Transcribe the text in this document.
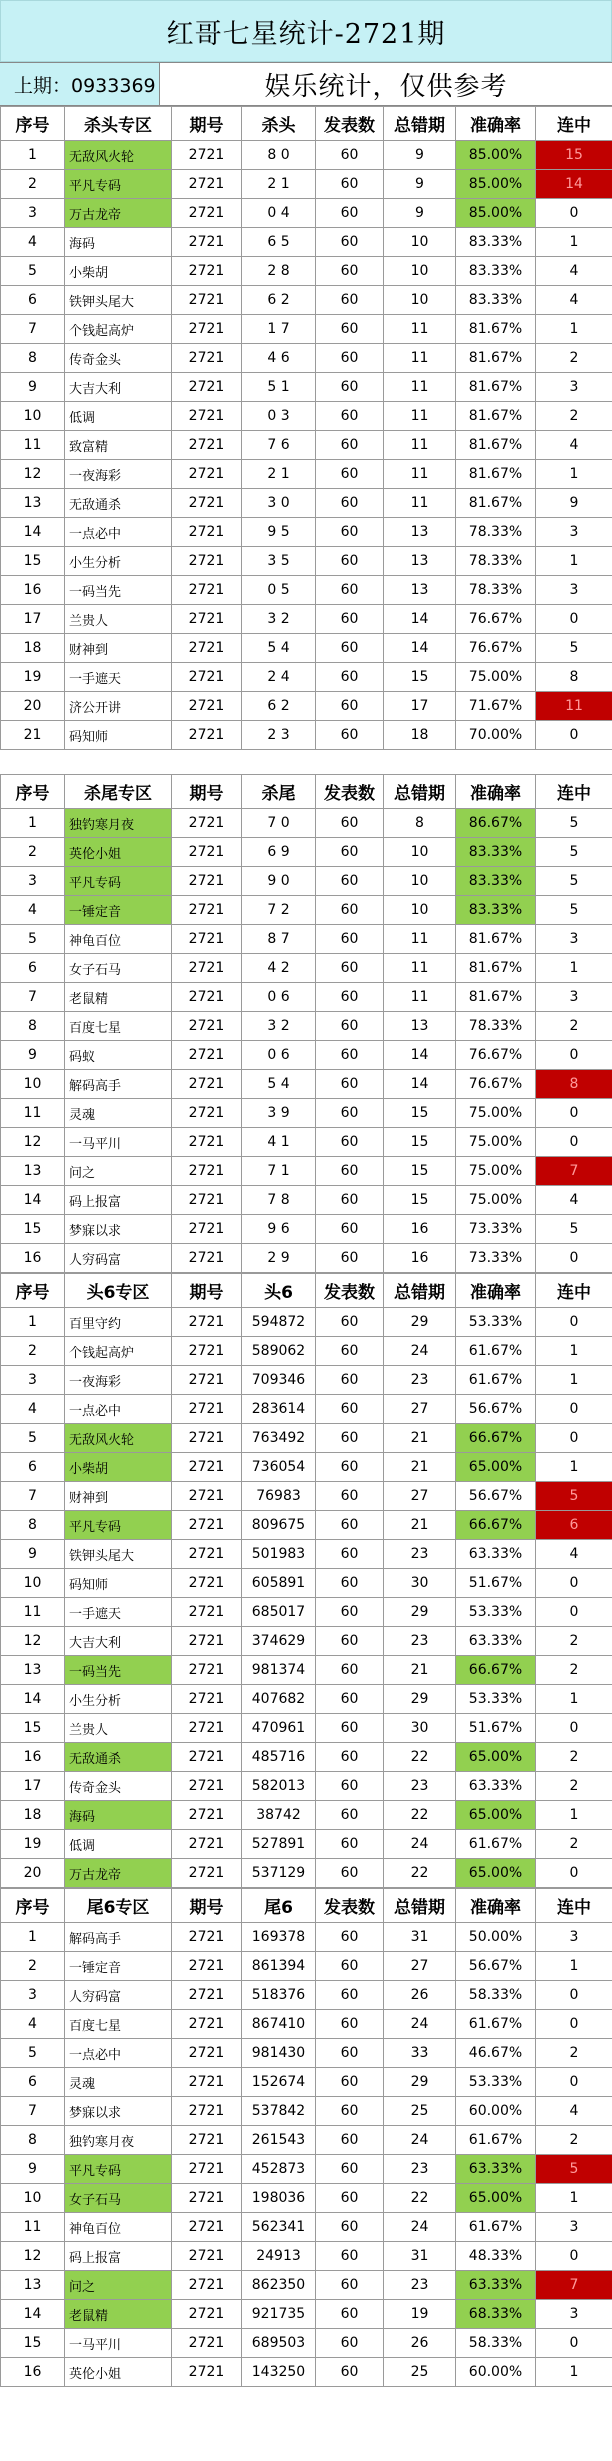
红哥七星统计-2721期
上期：0933369	娱乐统计，仅供参考
序号	杀头专区	期号	杀头	发表数	总错期	准确率	连中
1	无敌风火轮	2721	8 0	60	9	85.00%	15
2	平凡专码	2721	2 1	60	9	85.00%	14
3	万古龙帝	2721	0 4	60	9	85.00%	0
4	海码	2721	6 5	60	10	83.33%	1
5	小柴胡	2721	2 8	60	10	83.33%	4
6	铁钾头尾大	2721	6 2	60	10	83.33%	4
7	个钱起高炉	2721	1 7	60	11	81.67%	1
8	传奇金头	2721	4 6	60	11	81.67%	2
9	大吉大利	2721	5 1	60	11	81.67%	3
10	低调	2721	0 3	60	11	81.67%	2
11	致富精	2721	7 6	60	11	81.67%	4
12	一夜海彩	2721	2 1	60	11	81.67%	1
13	无敌通杀	2721	3 0	60	11	81.67%	9
14	一点必中	2721	9 5	60	13	78.33%	3
15	小生分析	2721	3 5	60	13	78.33%	1
16	一码当先	2721	0 5	60	13	78.33%	3
17	兰贵人	2721	3 2	60	14	76.67%	0
18	财神到	2721	5 4	60	14	76.67%	5
19	一手遮天	2721	2 4	60	15	75.00%	8
20	济公开讲	2721	6 2	60	17	71.67%	11
21	码知师	2721	2 3	60	18	70.00%	0
序号	杀尾专区	期号	杀尾	发表数	总错期	准确率	连中
1	独钓寒月夜	2721	7 0	60	8	86.67%	5
2	英伦小姐	2721	6 9	60	10	83.33%	5
3	平凡专码	2721	9 0	60	10	83.33%	5
4	一锤定音	2721	7 2	60	10	83.33%	5
5	神龟百位	2721	8 7	60	11	81.67%	3
6	女子石马	2721	4 2	60	11	81.67%	1
7	老鼠精	2721	0 6	60	11	81.67%	3
8	百度七星	2721	3 2	60	13	78.33%	2
9	码蚁	2721	0 6	60	14	76.67%	0
10	解码高手	2721	5 4	60	14	76.67%	8
11	灵魂	2721	3 9	60	15	75.00%	0
12	一马平川	2721	4 1	60	15	75.00%	0
13	问之	2721	7 1	60	15	75.00%	7
14	码上报富	2721	7 8	60	15	75.00%	4
15	梦寐以求	2721	9 6	60	16	73.33%	5
16	人穷码富	2721	2 9	60	16	73.33%	0
序号	头6专区	期号	头6	发表数	总错期	准确率	连中
1	百里守约	2721	594872	60	29	53.33%	0
2	个钱起高炉	2721	589062	60	24	61.67%	1
3	一夜海彩	2721	709346	60	23	61.67%	1
4	一点必中	2721	283614	60	27	56.67%	0
5	无敌风火轮	2721	763492	60	21	66.67%	0
6	小柴胡	2721	736054	60	21	65.00%	1
7	财神到	2721	76983	60	27	56.67%	5
8	平凡专码	2721	809675	60	21	66.67%	6
9	铁钾头尾大	2721	501983	60	23	63.33%	4
10	码知师	2721	605891	60	30	51.67%	0
11	一手遮天	2721	685017	60	29	53.33%	0
12	大吉大利	2721	374629	60	23	63.33%	2
13	一码当先	2721	981374	60	21	66.67%	2
14	小生分析	2721	407682	60	29	53.33%	1
15	兰贵人	2721	470961	60	30	51.67%	0
16	无敌通杀	2721	485716	60	22	65.00%	2
17	传奇金头	2721	582013	60	23	63.33%	2
18	海码	2721	38742	60	22	65.00%	1
19	低调	2721	527891	60	24	61.67%	2
20	万古龙帝	2721	537129	60	22	65.00%	0
序号	尾6专区	期号	尾6	发表数	总错期	准确率	连中
1	解码高手	2721	169378	60	31	50.00%	3
2	一锤定音	2721	861394	60	27	56.67%	1
3	人穷码富	2721	518376	60	26	58.33%	0
4	百度七星	2721	867410	60	24	61.67%	0
5	一点必中	2721	981430	60	33	46.67%	2
6	灵魂	2721	152674	60	29	53.33%	0
7	梦寐以求	2721	537842	60	25	60.00%	4
8	独钓寒月夜	2721	261543	60	24	61.67%	2
9	平凡专码	2721	452873	60	23	63.33%	5
10	女子石马	2721	198036	60	22	65.00%	1
11	神龟百位	2721	562341	60	24	61.67%	3
12	码上报富	2721	24913	60	31	48.33%	0
13	问之	2721	862350	60	23	63.33%	7
14	老鼠精	2721	921735	60	19	68.33%	3
15	一马平川	2721	689503	60	26	58.33%	0
16	英伦小姐	2721	143250	60	25	60.00%	1
